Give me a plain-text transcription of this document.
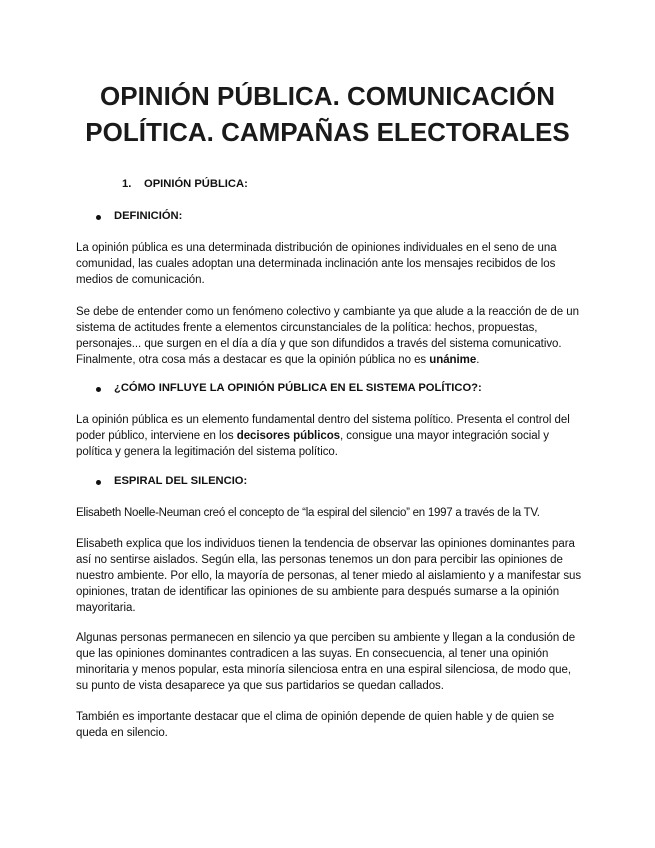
OPINIÓN PÚBLICA. COMUNICACIÓN
POLÍTICA. CAMPAÑAS ELECTORALES
1. OPINIÓN PÚBLICA:
DEFINICIÓN:

La opinión pública es una determinada distribución de opiniones individuales en el seno de una comunidad, las cuales adoptan una determinada inclinación ante los mensajes recibidos de los medios de comunicación.

Se debe de entender como un fenómeno colectivo y cambiante ya que alude a la reacción de de un sistema de actitudes frente a elementos circunstanciales de la política: hechos, propuestas, personajes... que surgen en el día a día y que son difundidos a través del sistema comunicativo. Finalmente, otra cosa más a destacar es que la opinión pública no es unánime.

¿CÓMO INFLUYE LA OPINIÓN PÚBLICA EN EL SISTEMA POLÍTICO?:

La opinión pública es un elemento fundamental dentro del sistema político. Presenta el control del poder público, interviene en los decisores públicos, consigue una mayor integración social y política y genera la legitimación del sistema político.

ESPIRAL DEL SILENCIO:

Elisabeth Noelle-Neuman creó el concepto de “la espiral del silencio” en 1997 a través de la TV.

Elisabeth explica que los individuos tienen la tendencia de observar las opiniones dominantes para así no sentirse aislados. Según ella, las personas tenemos un don para percibir las opiniones de nuestro ambiente. Por ello, la mayoría de personas, al tener miedo al aislamiento y a manifestar sus opiniones, tratan de identificar las opiniones de su ambiente para después sumarse a la opinión mayoritaria.

Algunas personas permanecen en silencio ya que perciben su ambiente y llegan a la condusión de que las opiniones dominantes contradicen a las suyas. En consecuencia, al tener una opinión minoritaria y menos popular, esta minoría silenciosa entra en una espiral silenciosa, de modo que, su punto de vista desaparece ya que sus partidarios se quedan callados.

También es importante destacar que el clima de opinión depende de quien hable y de quien se queda en silencio.
